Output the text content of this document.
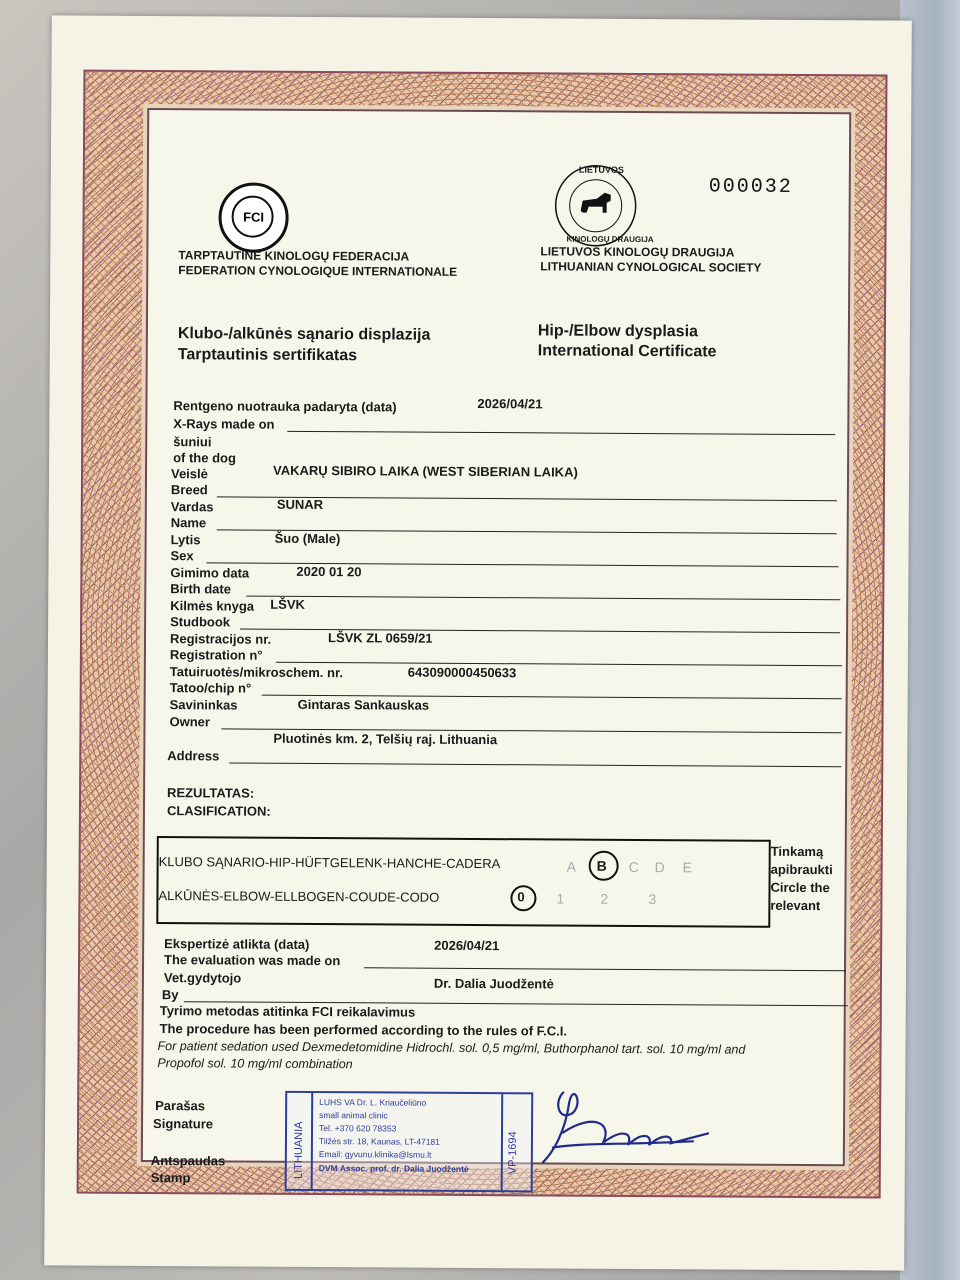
FCI
TARPTAUTINĖ KINOLOGŲ FEDERACIJA
FEDERATION CYNOLOGIQUE INTERNATIONALE
LIETUVOS
KINOLOGŲ DRAUGIJA
LIETUVOS KINOLOGŲ DRAUGIJA
LITHUANIAN CYNOLOGICAL SOCIETY
000032
Klubo-/alkūnės sąnario displazija
Tarptautinis sertifikatas
Hip-/Elbow dysplasia
International Certificate
Rentgeno nuotrauka padaryta (data)	2026/04/21
X-Rays made on
šuniui
of the dog
Veislė	VAKARŲ SIBIRO LAIKA (WEST SIBERIAN LAIKA)
Breed
Vardas	SUNAR
Name
Lytis	Šuo (Male)
Sex
Gimimo data	2020 01 20
Birth date
Kilmės knyga LŠVK
Studbook
Registracijos nr.	LŠVK ZL 0659/21
Registration n°
Tatuiruotės/mikroschem. nr.	643090000450633
Tatoo/chip n°
Savininkas	Gintaras Sankauskas
Owner
Pluotinės km. 2, Telšių raj. Lithuania
Address
REZULTATAS:
CLASIFICATION:
KLUBO SĄNARIO-HIP-HÜFTGELENK-HANCHE-CADERA	A B C D E
ALKŪNĖS-ELBOW-ELLBOGEN-COUDE-CODO	0 1	2	3
Tinkamą
apibraukti
Circle the
relevant
Ekspertizė atlikta (data)	2026/04/21
The evaluation was made on
Vet.gydytojo	Dr. Dalia Juodžentė
By
Tyrimo metodas atitinka FCI reikalavimus
The procedure has been performed according to the rules of F.C.I.
For patient sedation used Dexmedetomidine Hidrochl. sol. 0,5 mg/ml, Buthorphanol tart. sol. 10 mg/ml and
Propofol sol. 10 mg/ml combination
Parašas
Signature
Antspaudas
Stamp	LITHUANIA	VP-1694
LUHS VA Dr. L. Kriaučeliūno
small animal clinic
Tel. +370 620 78353
Tilžės str. 18, Kaunas, LT-47181
Email: gyvunu.klinika@lsmu.lt
DVM Assoc. prof. dr. Dalia Juodžentė
